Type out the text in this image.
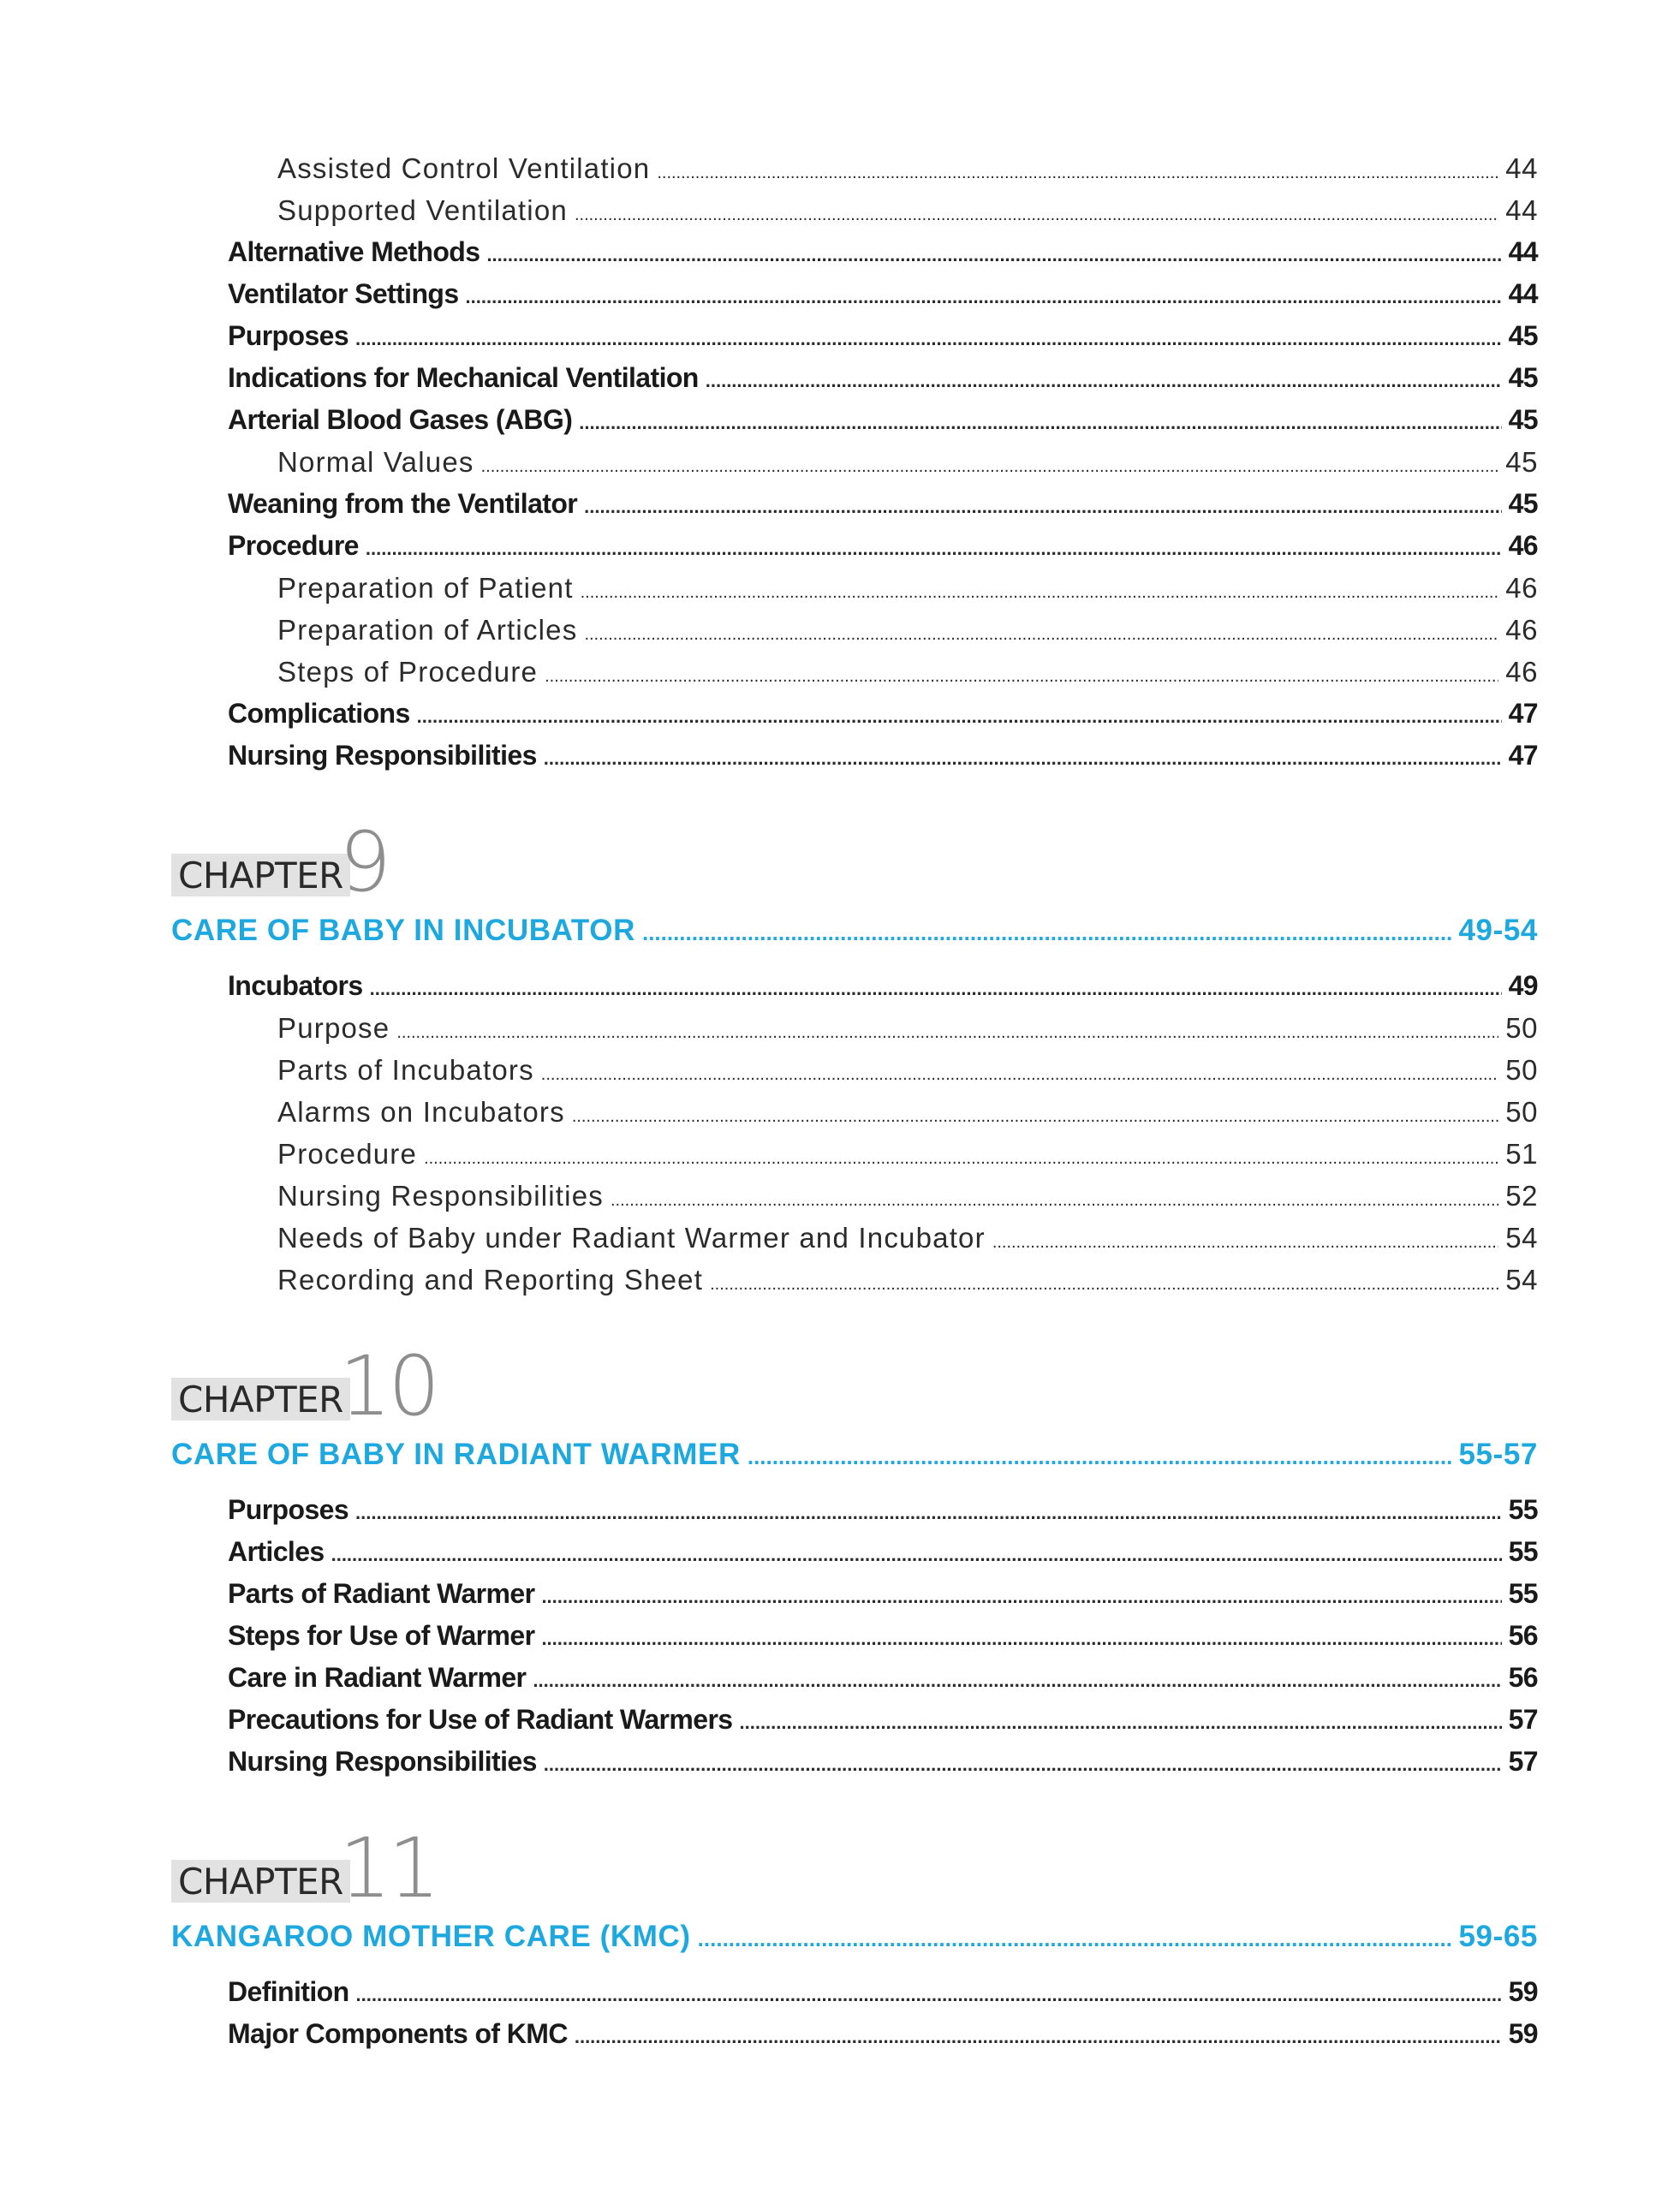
Assisted Control Ventilation .....	44
Supported Ventilation .....	44
Alternative Methods .....	44
Ventilator Settings .....	44
Purposes .....	45
Indications for Mechanical Ventilation .....	45
Arterial Blood Gases (ABG) .....	45
Normal Values .....	45
Weaning from the Ventilator .....	45
Procedure .....	46
Preparation of Patient .....	46
Preparation of Articles .....	46
Steps of Procedure .....	46
Complications .....	47
Nursing Responsibilities .....	47
CHAPTER
9
CARE OF BABY IN INCUBATOR .....	49-54
Incubators .....	49
Purpose .....	50
Parts of Incubators .....	50
Alarms on Incubators .....	50
Procedure .....	51
Nursing Responsibilities .....	52
Needs of Baby under Radiant Warmer and Incubator .....	54
Recording and Reporting Sheet .....	54
CHAPTER
10
CARE OF BABY IN RADIANT WARMER .....	55-57
Purposes .....	55
Articles .....	55
Parts of Radiant Warmer .....	55
Steps for Use of Warmer .....	56
Care in Radiant Warmer .....	56
Precautions for Use of Radiant Warmers .....	57
Nursing Responsibilities .....	57
CHAPTER
11
KANGAROO MOTHER CARE (KMC) .....	59-65
Definition .....	59
Major Components of KMC .....	59
